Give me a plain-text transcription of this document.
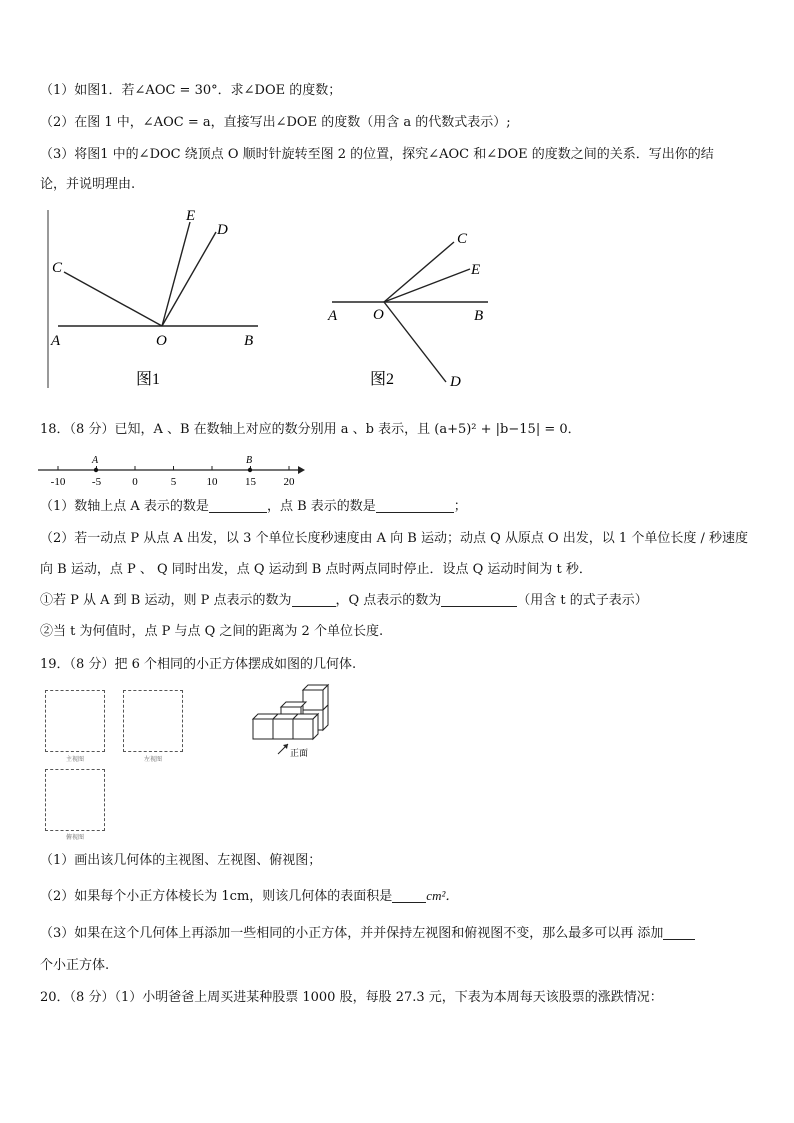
（1）如图1．若∠AOC = 30°．求∠DOE 的度数；
（2）在图 1 中，∠AOC = a，直接写出∠DOE 的度数（用含 a 的代数式表示）;
（3）将图1 中的∠DOC 绕顶点 O 顺时针旋转至图 2 的位置，探究∠AOC 和∠DOE 的度数之间的关系．写出你的结
论，并说明理由.
C
E
D
A	O	B
图1
C
E
A O	B
D
图2
18．（8 分）已知，A 、B 在数轴上对应的数分别用 a 、b 表示，且 (a+5)² + |b−15| = 0．
-10 -5	0	5	10	15	20
A	B
（1）数轴上点 A 表示的数是	，点 B 表示的数是	；
（2）若一动点 P 从点 A 出发，以 3 个单位长度秒速度由 A 向 B 运动；动点 Q 从原点 O 出发，以 1 个单位长度 / 秒速度
向 B 运动，点 P 、 Q 同时出发，点 Q 运动到 B 点时两点同时停止．设点 Q 运动时间为 t 秒．
①若 P 从 A 到 B 运动，则 P 点表示的数为	，Q 点表示的数为	（用含 t 的式子表示）
②当 t 为何值时，点 P 与点 Q 之间的距离为 2 个单位长度.
19．（8 分）把 6 个相同的小正方体摆成如图的几何体.
主视图	左视图
俯视图
正面
（1）画出该几何体的主视图、左视图、俯视图；
（2）如果每个小正方体棱长为 1cm，则该几何体的表面积是	cm²．
（3）如果在这个几何体上再添加一些相同的小正方体，并并保持左视图和俯视图不变，那么最多可以再 添加
个小正方体.
20．（8 分）（1）小明爸爸上周买进某种股票 1000 股，每股 27.3 元，下表为本周每天该股票的涨跌情况：
